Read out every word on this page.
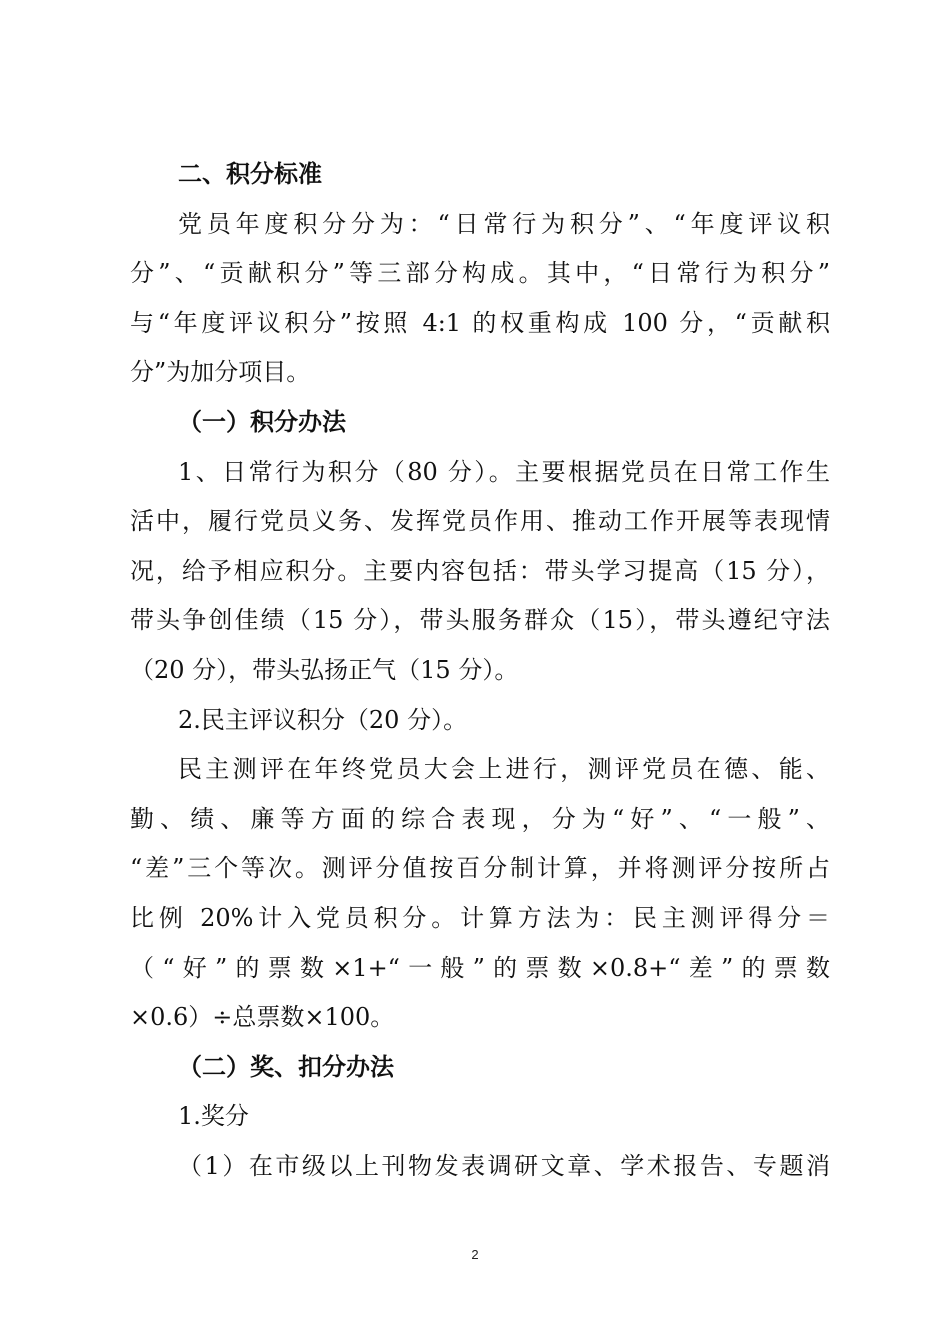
二、积分标准
党员年度积分分为：“日常行为积分”、“年度评议积
分”、“贡献积分”等三部分构成。其中，“日常行为积分”
与“年度评议积分”按照 4:1 的权重构成 100 分，“贡献积
分”为加分项目。
（一）积分办法
1、日常行为积分（80 分）。主要根据党员在日常工作生
活中，履行党员义务、发挥党员作用、推动工作开展等表现情
况，给予相应积分。主要内容包括：带头学习提高（15 分），
带头争创佳绩（15 分），带头服务群众（15），带头遵纪守法
（20 分），带头弘扬正气（15 分）。
2.民主评议积分（20 分）。
民主测评在年终党员大会上进行，测评党员在德、能、
勤、绩、廉等方面的综合表现，分为“好”、“一般”、
“差”三个等次。测评分值按百分制计算，并将测评分按所占
比例 20%计入党员积分。计算方法为：民主测评得分＝
（“好”的票数×1+“一般”的票数×0.8+“差”的票数
×0.6）÷总票数×100。
（二）奖、扣分办法
1.奖分
（1）在市级以上刊物发表调研文章、学术报告、专题消
2
